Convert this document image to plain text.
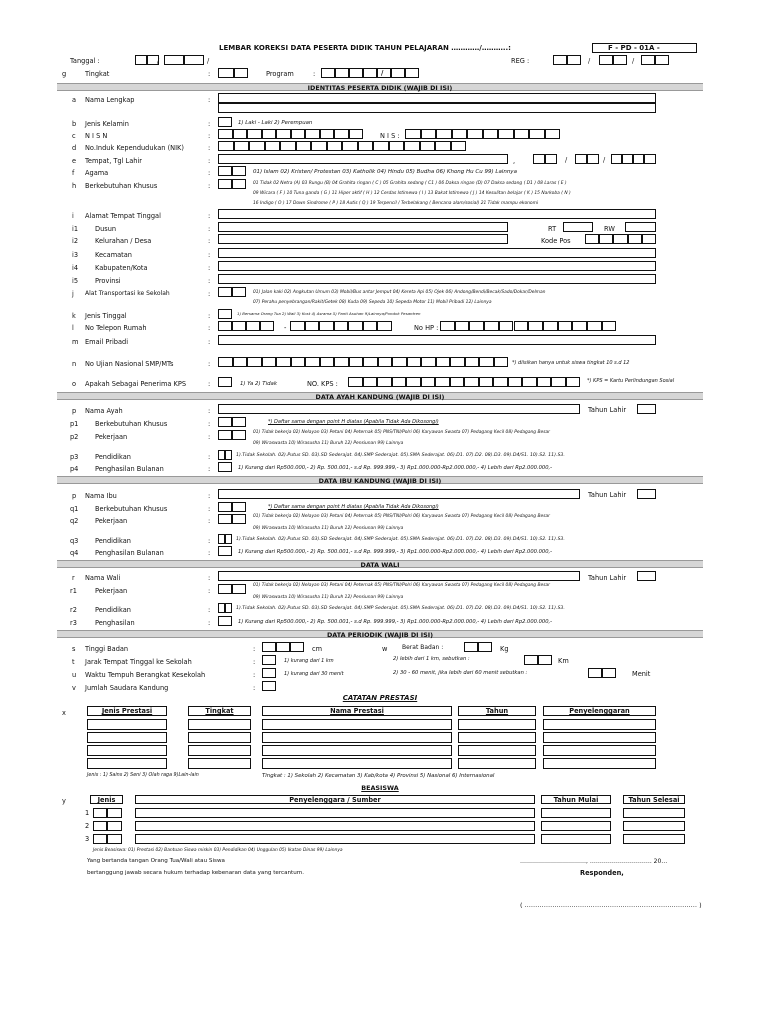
LEMBAR KOREKSI DATA PESERTA DIDIK TAHUN PELAJARAN …………/………..:	F - PD - 01A -
Tanggal :	/	/	REG :	/	/
g	Tingkat	:	Program	:
IDENTITAS PESERTA DIDIK (WAJIB DI ISI)
a Nama Lengkap	:
b Jenis Kelamin	:	1) Laki - Laki 2) Perempuan
c N I S N	:	N I S :
d No.Induk Kependudukan (NIK)	:
e Tempat, Tgl Lahir	:	,	/	/
f Agama	:	01) Islam 02) Kristen/ Protestan 03) Katholik 04) Hindu 05) Budha 06) Khong Hu Cu 99) Lainnya
h Berkebutuhan Khusus	:	01 Tidak 02 Netra (A) 03 Rungu (B) 04 Grahita ringan ( C ) 05 Grahita sedang ( C1 ) 06 Daksa ringan (D) 07 Daksa sedang ( D1 ) 08 Laras ( E )
09 Wicara ( F ) 10 Tuna ganda ( G ) 11 Hiper aktif ( H ) 12 Cerdas Istimewa ( I ) 13 Bakat Istimewa ( J ) 14 Kesulitan belajar ( K ) 15 Narkoba ( N )
16 Indigo ( O ) 17 Down Sindrome ( P ) 18 Autis ( Q ) 19 Terpencil / Terbelakang ( Bencana alam/sosial) 21 Tidak mampu ekonomi
i Alamat Tempat Tinggal	:
i1	Dusun	:	RT	RW
i2	Kelurahan / Desa	:	Kode Pos
i3	Kecamatan	:
i4	Kabupaten/Kota	:
i5	Provinsi	:
j Alat Transportasi ke Sekolah	:	01) Jalan kaki 02) Angkutan Umum 03) Mobil/Bus antar Jemput 04) Kereta Api 05) Ojek 06) Andong/Bendi/Becak/Sado/Dokar/Delman
07) Perahu penyebrangan/Rakit/Getek 08) Kuda 09) Sepeda 10) Sepeda Motor 11) Mobil Pribadi 12) Lainnya
k Jenis Tinggal	:	1) Bersama Orang Tua 2) Wali 3) Kost 4) Asrama 5) Panti Asuhan 9)Lainnya/Pondok Pesantren
l No Telepon Rumah	:	No HP :
m Email Pribadi	:
n No Ujian Nasional SMP/MTs	:	*) diisikan hanya untuk siswa tingkat 10 s.d 12
o Apakah Sebagai Penerima KPS	:	1) Ya 2) Tidak	NO. KPS :	*) KPS = Kartu Perlindungan Sosial
DATA AYAH KANDUNG (WAJIB DI ISI)
p Nama Ayah	:	Tahun Lahir
p1	Berkebutuhan Khusus	:	*) Daftar sama dengan point H diatas (Apabila Tidak Ada Dikosongi)
p2	Pekerjaan	:
01) Tidak bekerja 02) Nelayan 03) Petani 04) Peternak 05) PNS/TNI/Polri 06) Karyawan Swasta 07) Pedagang Kecil 08) Pedagang Besar
09) Wiraswasta 10) Wirasusha 11) Buruh 12) Pensiunan 99) Lainnya
p3	Pendidikan	:	1).Tidak Sekolah. 02).Putus SD. 03).SD Sederajat. 04).SMP Sederajat. 05).SMA Sederajat. 06).D1. 07).D2. 08).D3. 09).D4/S1. 10).S2. 11).S3.
p4	Penghasilan Bulanan	:	1) Kurang dari Rp500.000,- 2) Rp. 500.001,- s.d Rp. 999.999,- 3) Rp1.000.000-Rp2.000.000,- 4) Lebih dari Rp2.000.000,-
DATA IBU KANDUNG (WAJIB DI ISI)
p Nama Ibu	:	Tahun Lahir
q1	Berkebutuhan Khusus	:	*) Daftar sama dengan point H diatas (Apabila Tidak Ada Dikosongi)
q2	Pekerjaan	:
01) Tidak bekerja 02) Nelayan 03) Petani 04) Peternak 05) PNS/TNI/Polri 06) Karyawan Swasta 07) Pedagang Kecil 08) Pedagang Besar
09) Wiraswasta 10) Wirasusha 11) Buruh 12) Pensiunan 99) Lainnya
q3	Pendidikan	:	1).Tidak Sekolah. 02).Putus SD. 03).SD Sederajat. 04).SMP Sederajat. 05).SMA Sederajat. 06).D1. 07).D2. 08).D3. 09).D4/S1. 10).S2. 11).S3.
q4	Penghasilan Bulanan	:	1) Kurang dari Rp500.000,- 2) Rp. 500.001,- s.d Rp. 999.999,- 3) Rp1.000.000-Rp2.000.000,- 4) Lebih dari Rp2.000.000,-
DATA WALI
r Nama Wali	:	Tahun Lahir
r1	Pekerjaan	:
01) Tidak bekerja 02) Nelayan 03) Petani 04) Peternak 05) PNS/TNI/Polri 06) Karyawan Swasta 07) Pedagang Kecil 08) Pedagang Besar
09) Wiraswasta 10) Wirasusha 11) Buruh 12) Pensiunan 99) Lainnya
r2	Pendidikan	:	1).Tidak Sekolah. 02).Putus SD. 03).SD Sederajat. 04).SMP Sederajat. 05).SMA Sederajat. 06).D1. 07).D2. 08).D3. 09).D4/S1. 10).S2. 11).S3.
r3	Penghasilan	:	1) Kurang dari Rp500.000,- 2) Rp. 500.001,- s.d Rp. 999.999,- 3) Rp1.000.000-Rp2.000.000,- 4) Lebih dari Rp2.000.000,-
DATA PERIODIK (WAJIB DI ISI)
s Tinggi Badan	:	cm	w Berat Badan :	Kg
t Jarak Tempat Tinggal ke Sekolah	:	1) kurang dari 1 km	2) lebih dari 1 km, sebutkan :	Km
u Waktu Tempuh Berangkat Kesekolah	:	1) kurang dari 30 menit	2) 30 - 60 menit, jika lebih dari 60 menit sebutkan :	Menit
v Jumlah Saudara Kandung	:
CATATAN PRESTASI
x
Jenis : 1) Sains 2) Seni 3) Olah raga 9)Lain-lain	Tingkat : 1) Sekolah 2) Kecamatan 3) Kab/kota 4) Provinsi 5) Nasional 6) Internasional
BEASISWA
y
Jenis Beasiswa: 01) Prestasi 02) Bantuan Siswa miskin 03) Pendidikan 04) Unggulan 05) Ikatan Dinas 99) Lainnya
Yang bertanda tangan Orang Tua/Wali atau Siswa
bertanggung jawab secara hukum terhadap kebenaran data yang tercantum.
……………………………, …………………………. 20…
Responden,
( ……………………………………………………………………… )
/
-
Jenis Prestasi	Tingkat	Nama Prestasi	Tahun	Penyelenggaran
Jenis	Penyelenggara / Sumber	Tahun Mulai	Tahun Selesai
1
2
3
